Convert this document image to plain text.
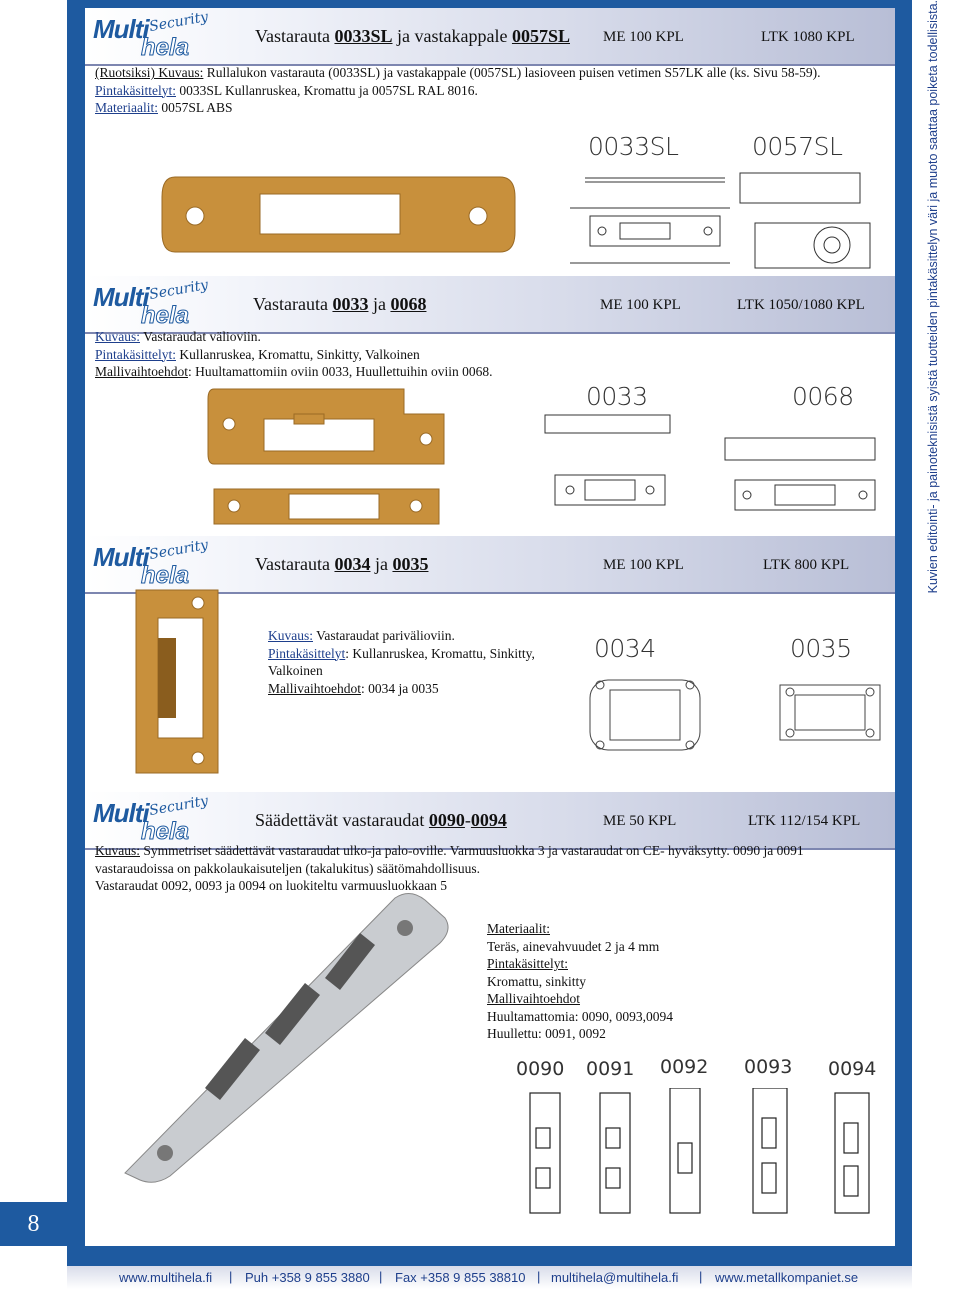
Kuvien editointi- ja painoteknisistä syistä tuotteiden pintakäsittelyn väri ja muoto saattaa poiketa todellisista.
8
Multi Security
hela	Vastarauta 0033SL ja vastakappale 0057SL ME 100 KPL	LTK 1080 KPL
(Ruotsiksi) Kuvaus: Rullalukon vastarauta (0033SL) ja vastakappale (0057SL) lasioveen puisen vetimen S57LK alle (ks. Sivu 58-59).
Pintakäsittelyt: 0033SL Kullanruskea, Kromattu ja 0057SL RAL 8016.
Materiaalit: 0057SL ABS
0033SL	0057SL
Multi Security
hela	Vastarauta 0033 ja 0068	ME 100 KPL	LTK 1050/1080 KPL
Kuvaus: Vastaraudat välioviin.
Pintakäsittelyt: Kullanruskea, Kromattu, Sinkitty, Valkoinen
Mallivaihtoehdot: Huultamattomiin oviin 0033, Huullettuihin oviin 0068.
0033	0068
Multi Security
hela	Vastarauta 0034 ja 0035	ME 100 KPL	LTK 800 KPL
Kuvaus: Vastaraudat parivälioviin.
Pintakäsittelyt: Kullanruskea, Kromattu, Sinkitty,
Valkoinen
Mallivaihtoehdot: 0034 ja 0035
0034	0035
Multi Security
hela	Säädettävät vastaraudat 0090-0094	ME 50 KPL	LTK 112/154 KPL
Kuvaus: Symmetriset säädettävät vastaraudat ulko-ja palo-oville. Varmuusluokka 3 ja vastaraudat on CE- hyväksytty. 0090 ja 0091
vastaraudoissa on pakkolaukaisuteljen (takalukitus) säätömahdollisuus.
Vastaraudat 0092, 0093 ja 0094 on luokiteltu varmuusluokkaan 5
Materiaalit:
Teräs, ainevahvuudet 2 ja 4 mm
Pintakäsittelyt:
Kromattu, sinkitty
Mallivaihtoehdot
Huultamattomia: 0090, 0093,0094
Huullettu: 0091, 0092
0090 0091 0092 0093 0094
www.multihela.fi | Puh +358 9 855 3880 | Fax +358 9 855 38810 | multihela@multihela.fi | www.metallkompaniet.se
